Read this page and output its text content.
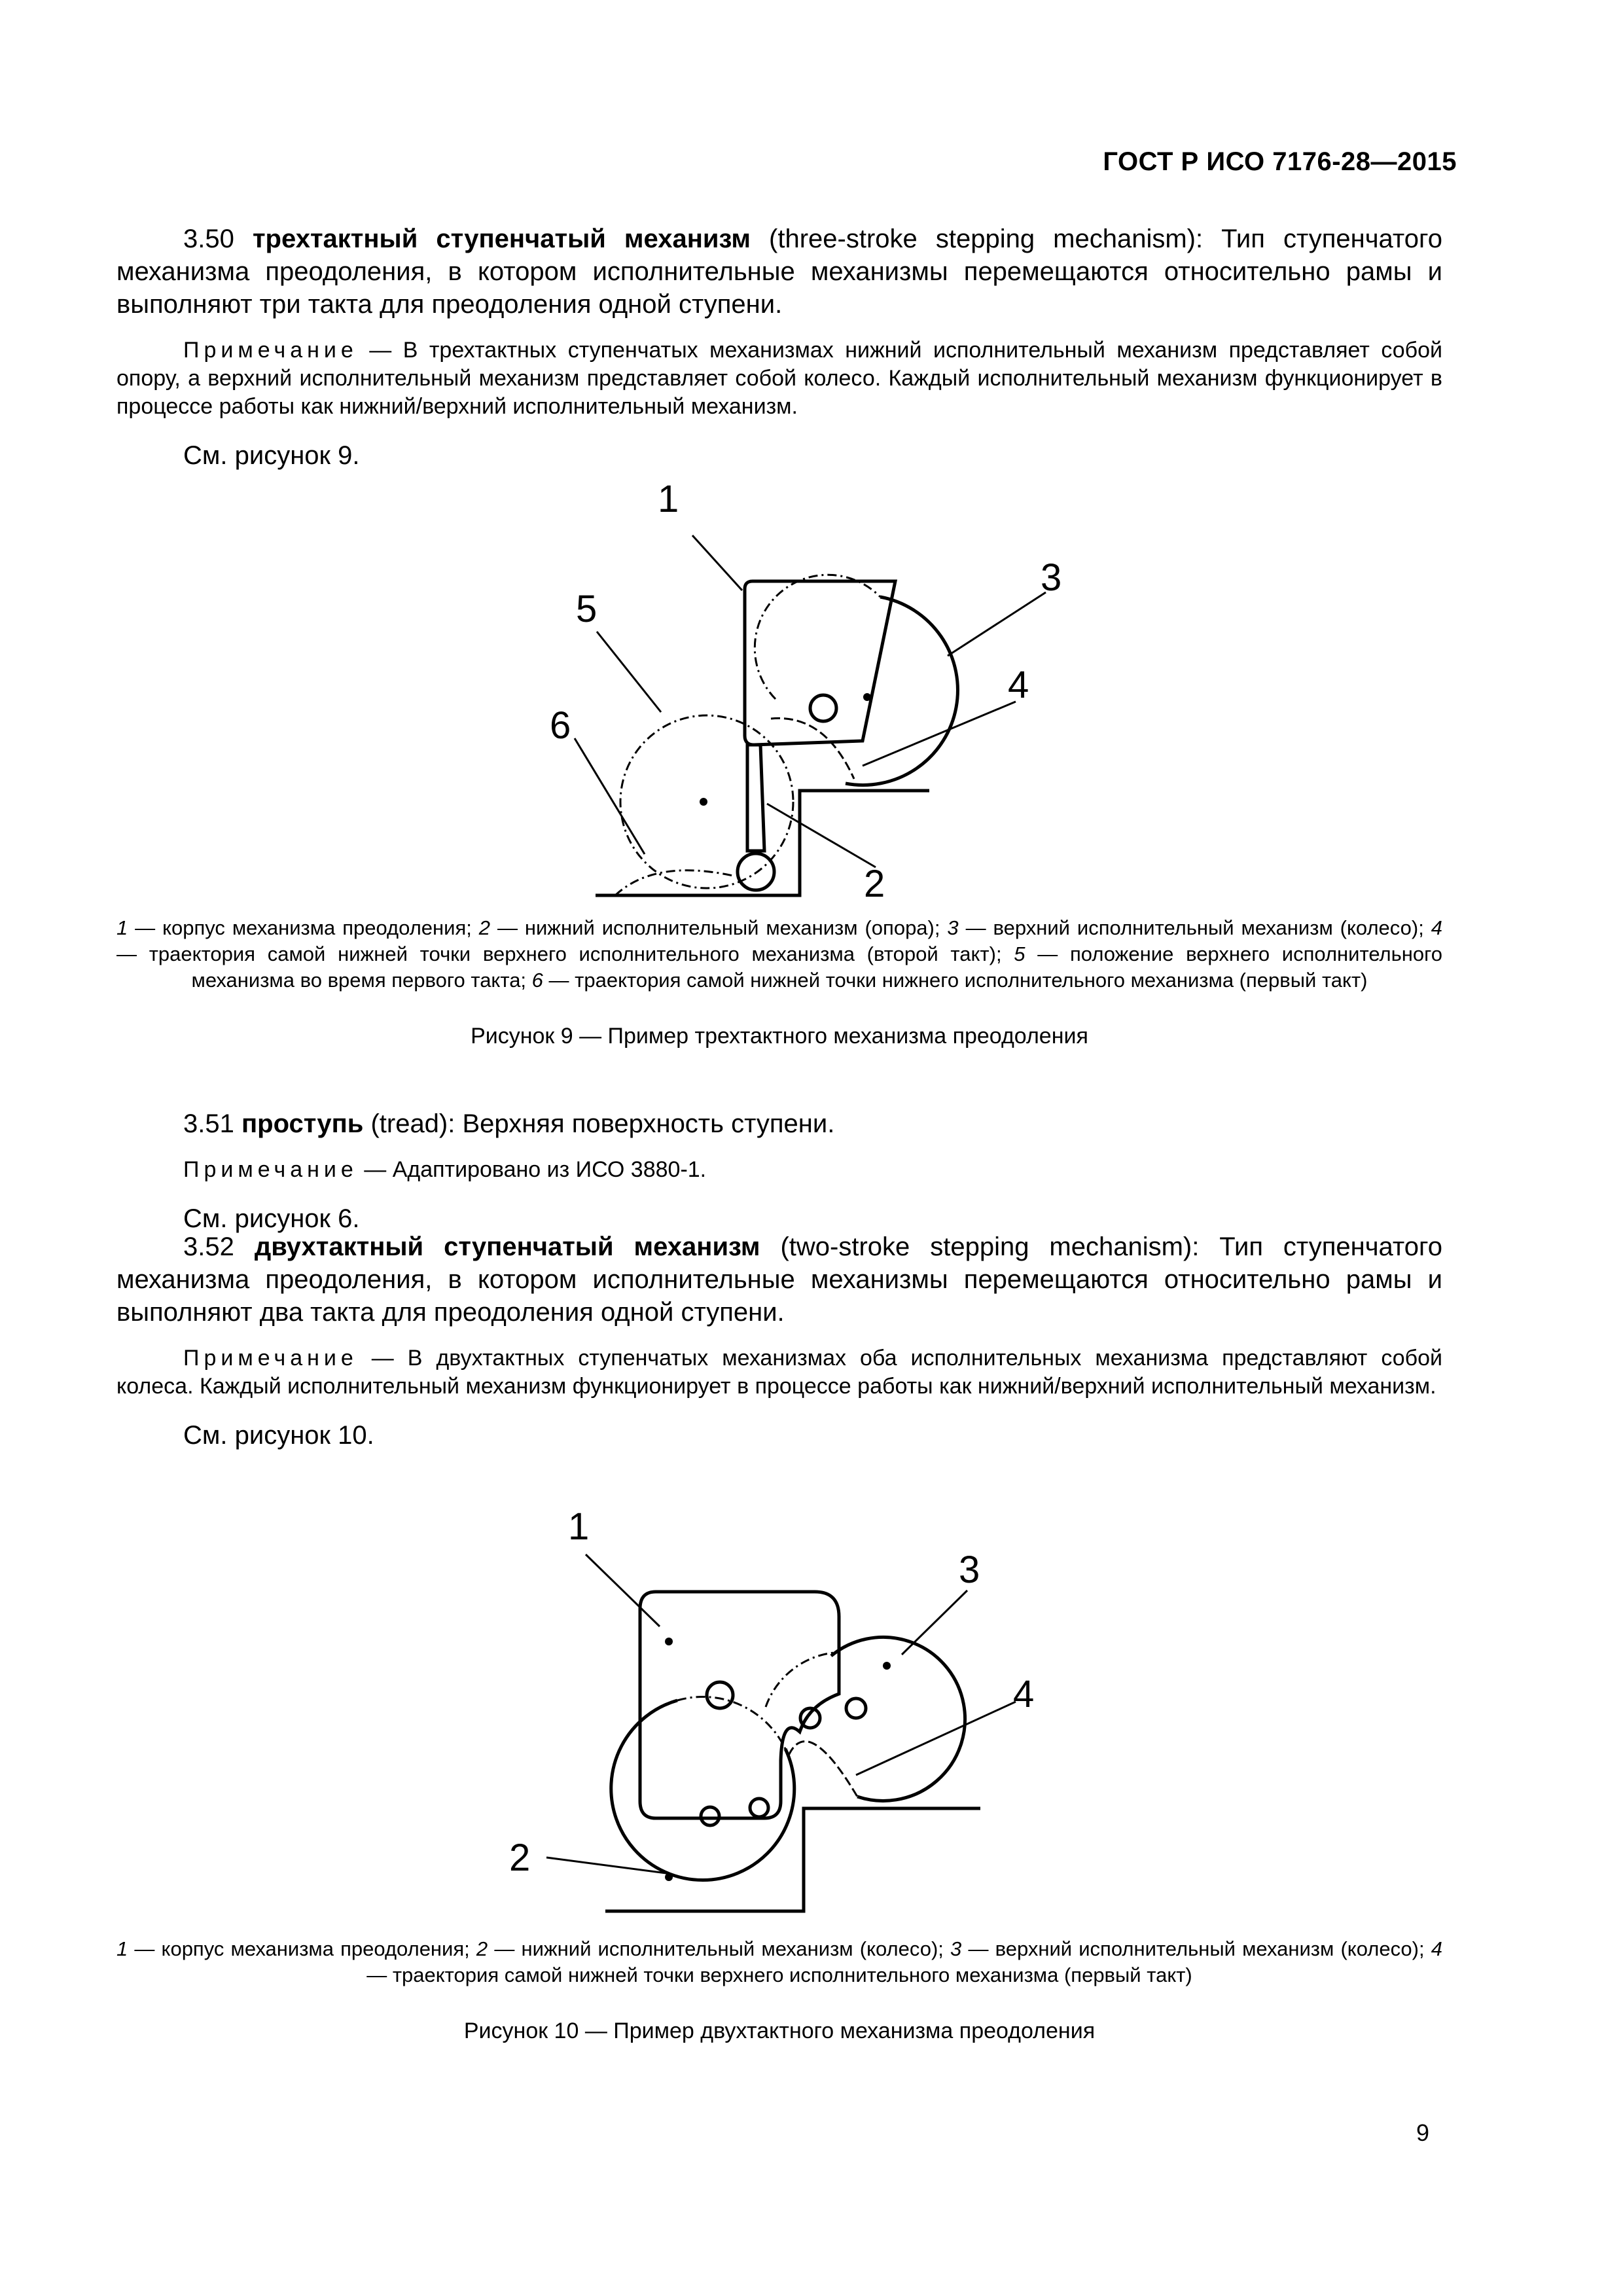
ГОСТ Р ИСО 7176-28—2015

3.50 трехтактный ступенчатый механизм (three-stroke stepping mechanism): Тип ступенчатого механизма преодоления, в котором исполнительные механизмы перемещаются относительно рамы и выполняют три такта для преодоления одной ступени.

Примечание — В трехтактных ступенчатых механизмах нижний исполнительный механизм представляет собой опору, а верхний исполнительный механизм представляет собой колесо. Каждый исполнительный механизм функционирует в процессе работы как нижний/верхний исполнительный механизм.

См. рисунок 9.

1
2
3
4
5
6

1 — корпус механизма преодоления; 2 — нижний исполнительный механизм (опора); 3 — верхний исполнительный механизм (колесо); 4 — траектория самой нижней точки верхнего исполнительного механизма (второй такт); 5 — положение верхнего исполнительного механизма во время первого такта; 6 — траектория самой нижней точки нижнего исполнительного механизма (первый такт)

Рисунок 9 — Пример трехтактного механизма преодоления

3.51 проступь (tread): Верхняя поверхность ступени.

Примечание — Адаптировано из ИСО 3880-1.

См. рисунок 6.

3.52 двухтактный ступенчатый механизм (two-stroke stepping mechanism): Тип ступенчатого механизма преодоления, в котором исполнительные механизмы перемещаются относительно рамы и выполняют два такта для преодоления одной ступени.

Примечание — В двухтактных ступенчатых механизмах оба исполнительных механизма представляют собой колеса. Каждый исполнительный механизм функционирует в процессе работы как нижний/верхний исполнительный механизм.

См. рисунок 10.

1
2
3
4

1 — корпус механизма преодоления; 2 — нижний исполнительный механизм (колесо); 3 — верхний исполнительный механизм (колесо); 4 — траектория самой нижней точки верхнего исполнительного механизма (первый такт)

Рисунок 10 — Пример двухтактного механизма преодоления

9
